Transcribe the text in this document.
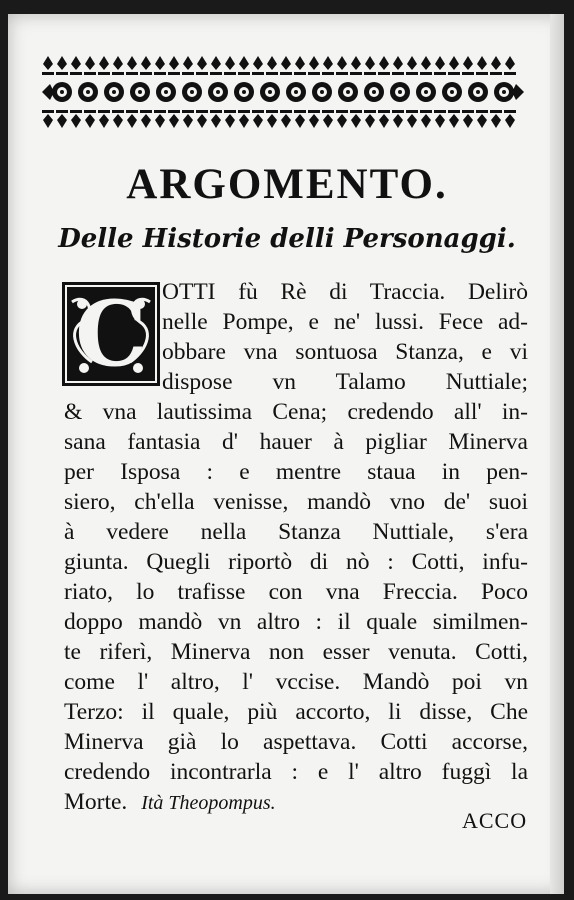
ARGOMENTO.
Delle Historie delli Personaggi.
C OTTI fù Rè di Traccia. Delirò
nelle Pompe, e ne' lussi. Fece ad-
obbare vna sontuosa Stanza, e vi
dispose vn Talamo Nuttiale;
& vna lautissima Cena; credendo all' in-
sana fantasia d' hauer à pigliar Minerva
per Isposa : e mentre staua in pen-
siero, ch'ella venisse, mandò vno de' suoi
à vedere nella Stanza Nuttiale, s'era
giunta. Quegli riportò di nò : Cotti, infu-
riato, lo trafisse con vna Freccia. Poco
doppo mandò vn altro : il quale similmen-
te riferì, Minerva non esser venuta. Cotti,
come l' altro, l' vccise. Mandò poi vn
Terzo: il quale, più accorto, li disse, Che
Minerva già lo aspettava. Cotti accorse,
credendo incontrarla : e l' altro fuggì la
Morte. Ità Theopompus.
ACCO
